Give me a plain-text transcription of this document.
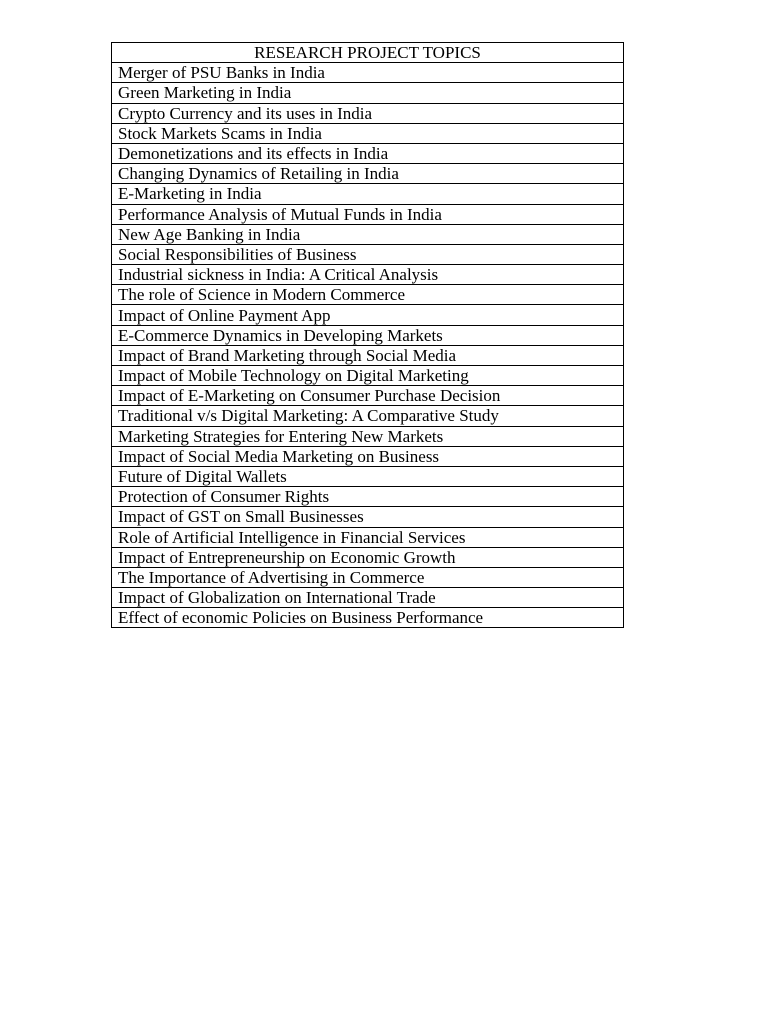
RESEARCH PROJECT TOPICS
Merger of PSU Banks in India
Green Marketing in India
Crypto Currency and its uses in India
Stock Markets Scams in India
Demonetizations and its effects in India
Changing Dynamics of Retailing in India
E-Marketing in India
Performance Analysis of Mutual Funds in India
New Age Banking in India
Social Responsibilities of Business
Industrial sickness in India: A Critical Analysis
The role of Science in Modern Commerce
Impact of Online Payment App
E-Commerce Dynamics in Developing Markets
Impact of Brand Marketing through Social Media
Impact of Mobile Technology on Digital Marketing
Impact of E-Marketing on Consumer Purchase Decision
Traditional v/s Digital Marketing: A Comparative Study
Marketing Strategies for Entering New Markets
Impact of Social Media Marketing on Business
Future of Digital Wallets
Protection of Consumer Rights
Impact of GST on Small Businesses
Role of Artificial Intelligence in Financial Services
Impact of Entrepreneurship on Economic Growth
The Importance of Advertising in Commerce
Impact of Globalization on International Trade
Effect of economic Policies on Business Performance
